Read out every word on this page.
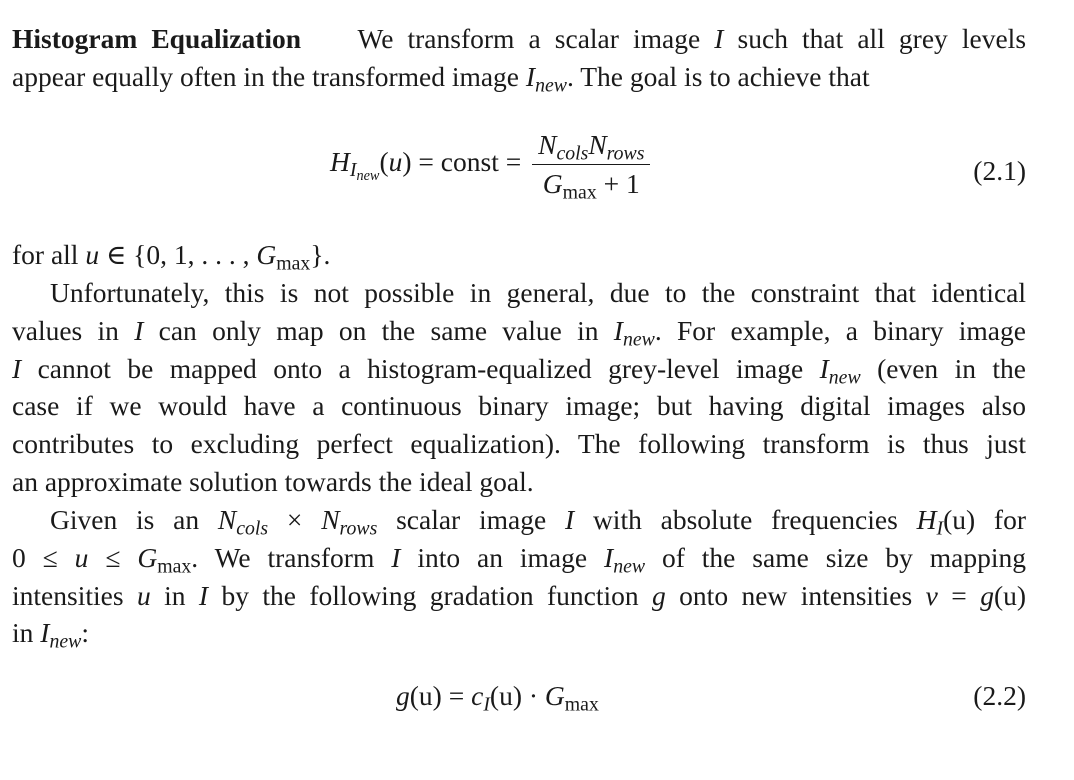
Histogram Equalization We transform a scalar image I such that all grey levels
appear equally often in the transformed image $I_{new}$. The goal is to achieve that
$H_{I_{new}}(u)$ = const = $\frac{N_{cols}N_{rows}}{G_{max} + 1}$	(2.1)
for all u ∈ {0, 1, . . . , $G_{max}$}.
Unfortunately, this is not possible in general, due to the constraint that identical
values in I can only map on the same value in $I_{new}$. For example, a binary image
I cannot be mapped onto a histogram-equalized grey-level image $I_{new}$ (even in the
case if we would have a continuous binary image; but having digital images also
contributes to excluding perfect equalization). The following transform is thus just
an approximate solution towards the ideal goal.
Given is an $N_{cols} \times N_{rows}$ scalar image I with absolute frequencies $H_I(u)$ for
$0 \le u \le G_{max}$. We transform I into an image $I_{new}$ of the same size by mapping
intensities u in I by the following gradation function g onto new intensities v = g(u)
in $I_{new}$:
$g(u) = c_I(u) \cdot G_{max}$	(2.2)
